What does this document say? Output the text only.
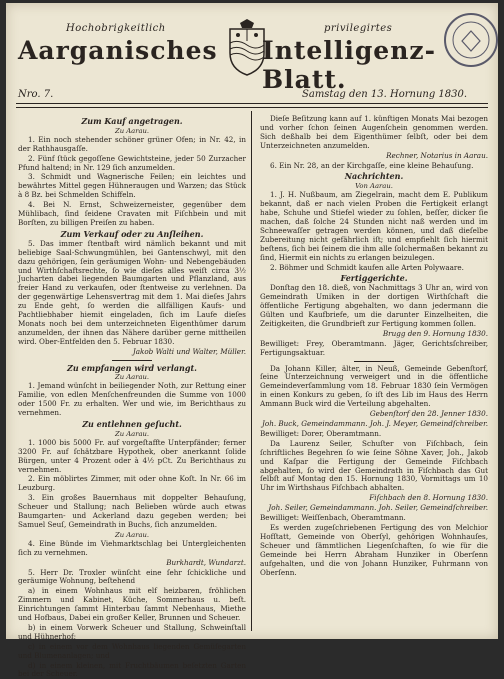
Hochobrigkeitlich	privilegirtes
Aarganisches Intelligenz-Blatt.
Nro. 7.	Samstag den 13. Hornung 1830.

Zum Kauf angetragen.

Zu Aarau.

1. Ein noch stehender schöner grüner Ofen; in Nr. 42, in der Rathhausgaſſe.

2. Fünf ſtück gegoſſene Gewichtsteine, jeder 50 Zurzacher Pfund haltend; in Nr. 129 ſich anzumelden.

3. Schmidt und Wagnerische Feilen; ein leichtes und bewährtes Mittel gegen Hühneraugen und Warzen; das Stück à 8 Bz. bei Schmelden Schiffeln.

4. Bei N. Ernst, Schweizerneister, gegenüber dem Mühlibach, ſind ſeidene Cravaten mit Fiſchbein und mit Borſten, zu billigen Preiſen zu haben.

Zum Verkauf oder zu Anſleihen.

5. Das immer ſtentbaft wird nämlich bekannt und mit beliebige Saal-Schwungmühlen, bei Gantenschwyl, mit den dazu gehörigen, ſein geräumigen Wohn- und Nebengebäuden und Wirthſchaftsrechte, ſo wie dieſes alles weiſt circa 3½ Jucharten dabei liegenden Baumgarten und Pflanzland, aus freier Hand zu verkaufen, oder ſtentweise zu verlehnen. Da der gegenwärtige Lehensvertrag mit dem 1. Mai dieſes Jahrs zu Ende geht, ſo werden die allfälligen Kaufs- und Pachtliebhaber hiemit eingeladen, ſich im Laufe dieſes Monats noch bei dem unterzeichneten Eigenthümer darum anzumelden, der ihnen das Nähere darüber gerne mittheilen wird. Ober-Entfelden den 5. Februar 1830.

Jakob Walti und Walter, Müller.

Zu empfangen wird verlangt.

Zu Aarau.

1. Jemand wünſcht in beiliegender Noth, zur Rettung einer Familie, von edlen Menſchenfreunden die Summe von 1000 oder 1500 Fr. zu erhalten. Wer und wie, im Berichthaus zu vernehmen.

Zu entlehnen geſucht.

Zu Aarau.

1. 1000 bis 5000 Fr. auf vorgeſtaffte Unterpfänder; ferner 3200 Fr. auf ſchätzbare Hypothek, ober anerkannt ſolide Bürgen, unter 4 Prozent oder à 4½ pCt. Zu Berichthaus zu vernehmen.

2. Ein möblirtes Zimmer, mit oder ohne Koſt. In Nr. 66 im Leuzburg.

3. Ein großes Bauernhaus mit doppelter Behauſung, Scheuer und Stallung; nach Belieben würde auch etwas Baumgarten- und Ackerland dazu gegeben werden; bei Samuel Seuſ, Gemeindrath in Buchs, ſich anzumelden.

Zu Aarau.

4. Eine Bünde im Viehmarktschlag bei Untergleichenten ſich zu vernehmen.

Burkhardt, Wundarzt.

5. Herr Dr. Troxler wünſcht eine ſehr ſchickliche und geräumige Wohnung, beſtehend

a) in einem Wohnhaus mit elf heizbaren, fröhlichen Zimmern und Kabinet, Küche, Sommerhaus u. beſt. Einrichtungen ſammt Hinterbau ſammt Nebenhaus, Miethe und Hofbaus, Dabei ein großer Keller, Brunnen und Scheuer.

b) in einem Vorwerk Scheuer und Stallung, Schweinſtall und Hühnerhof;

c) in einem vor dem Wohnhaus liegenden Gemüſegarten und Blumenanlagen; und

d) in einem kleinen, mit Fruchtbäumen beſetzten Garten bei der Scheuer.

Dieſe Beſitzung kann auf 1. künftigen Monats Mai bezogen und vorher ſchon ſeinen Augenſchein genommen werden. Sich deßhalb bei dem Eigenthümer ſelbſt, oder bei dem Unterzeichneten anzumelden.

Rechner, Notarius in Aarau.

6. Ein Nr. 28, an der Kirchgaſſe, eine kleine Behauſung.

Nachrichten.

Von Aarau.

1. J. H. Nußbaum, am Ziegelrain, macht dem E. Publikum bekannt, daß er nach vielen Proben die Fertigkeit erlangt habe, Schuhe und Stiefel wieder zu ſohlen, beſſer, dicker ſie machen, daß ſolche 24 Stunden nicht naß werden und im Schneewaſſer getragen werden können, und daß dieſelbe Zubereitung nicht gefährlich iſt; und empfiehlt ſich hiermit beſtens, ſich bei ſeinem die ihm alle ſolchermaßen bekannt zu ſind, Hiermit ein nichts zu erlangen beizulegen.

2. Böhmer und Schmidt kaufen alle Arten Polywaare.

Fertiggerichte.

Donſtag den 18. dieß, von Nachmittags 3 Uhr an, wird von Gemeindrath Umiken in der dortigen Wirthſchaft die öffentliche Fertigung abgehalten, wo dann jedermann die Gülten und Kaufbriefe, um die darunter Einzelheiten, die Zeitigkeiten, die Grundbrieft zur Fertigung kommen ſollen.

Brugg den 9. Hornung 1830.

Bewilliget: Frey, Oberamtmann. Jäger, Gerichtsſchreiber, Fertigungsaktuar.

Da Johann Killer, älter, in Neuß, Gemeinde Gebenſtorf, ſeine Unterzeichnung verweigert und in die öffentliche Gemeindeverſammlung vom 18. Februar 1830 ſein Vermögen in einen Konkurs zu geben, ſo iſt des Lib im Haus des Herrn Ammann Buck wird die Verteilung abgehalten.

Gebenſtorf den 28. Jenner 1830.

Joh. Buck, Gemeindammann. Joh. J. Meyer, Gemeindſchreiber.

Bewilliget: Dorer, Oberamtmann.

Da Laurenz Seiler, Schuſter von Fiſchbach, ſein ſchriftliches Begehren ſo wie ſeine Söhne Xaver, Joh., Jakob und Kaſpar die Fertigung der Gemeinde Fiſchbach abgehalten, ſo wird der Gemeindrath in Fiſchbach das Gut ſelbſt auf Montag den 15. Hornung 1830, Vormittags um 10 Uhr im Wirthshaus Fiſchbach abhalten.

Fiſchbach den 8. Hornung 1830.

Joh. Seiler, Gemeindammann. Joh. Seiler, Gemeindſchreiber.

Bewilliget: Weiſſenbach, Oberamtmann.

Es werden zugeſchriebenen Fertigung des von Melchior Hofſtatt, Gemeinde von Oberſyl, gehörigen Wohnhauſes, Scheuer und ſämmtlichen Liegenſchaften, ſo wie für die Gemeinde bei Herrn Abraham Hunziker in Oberſenn aufgehalten, und die von Johann Hunziker, Fuhrmann von Oberſenn.
